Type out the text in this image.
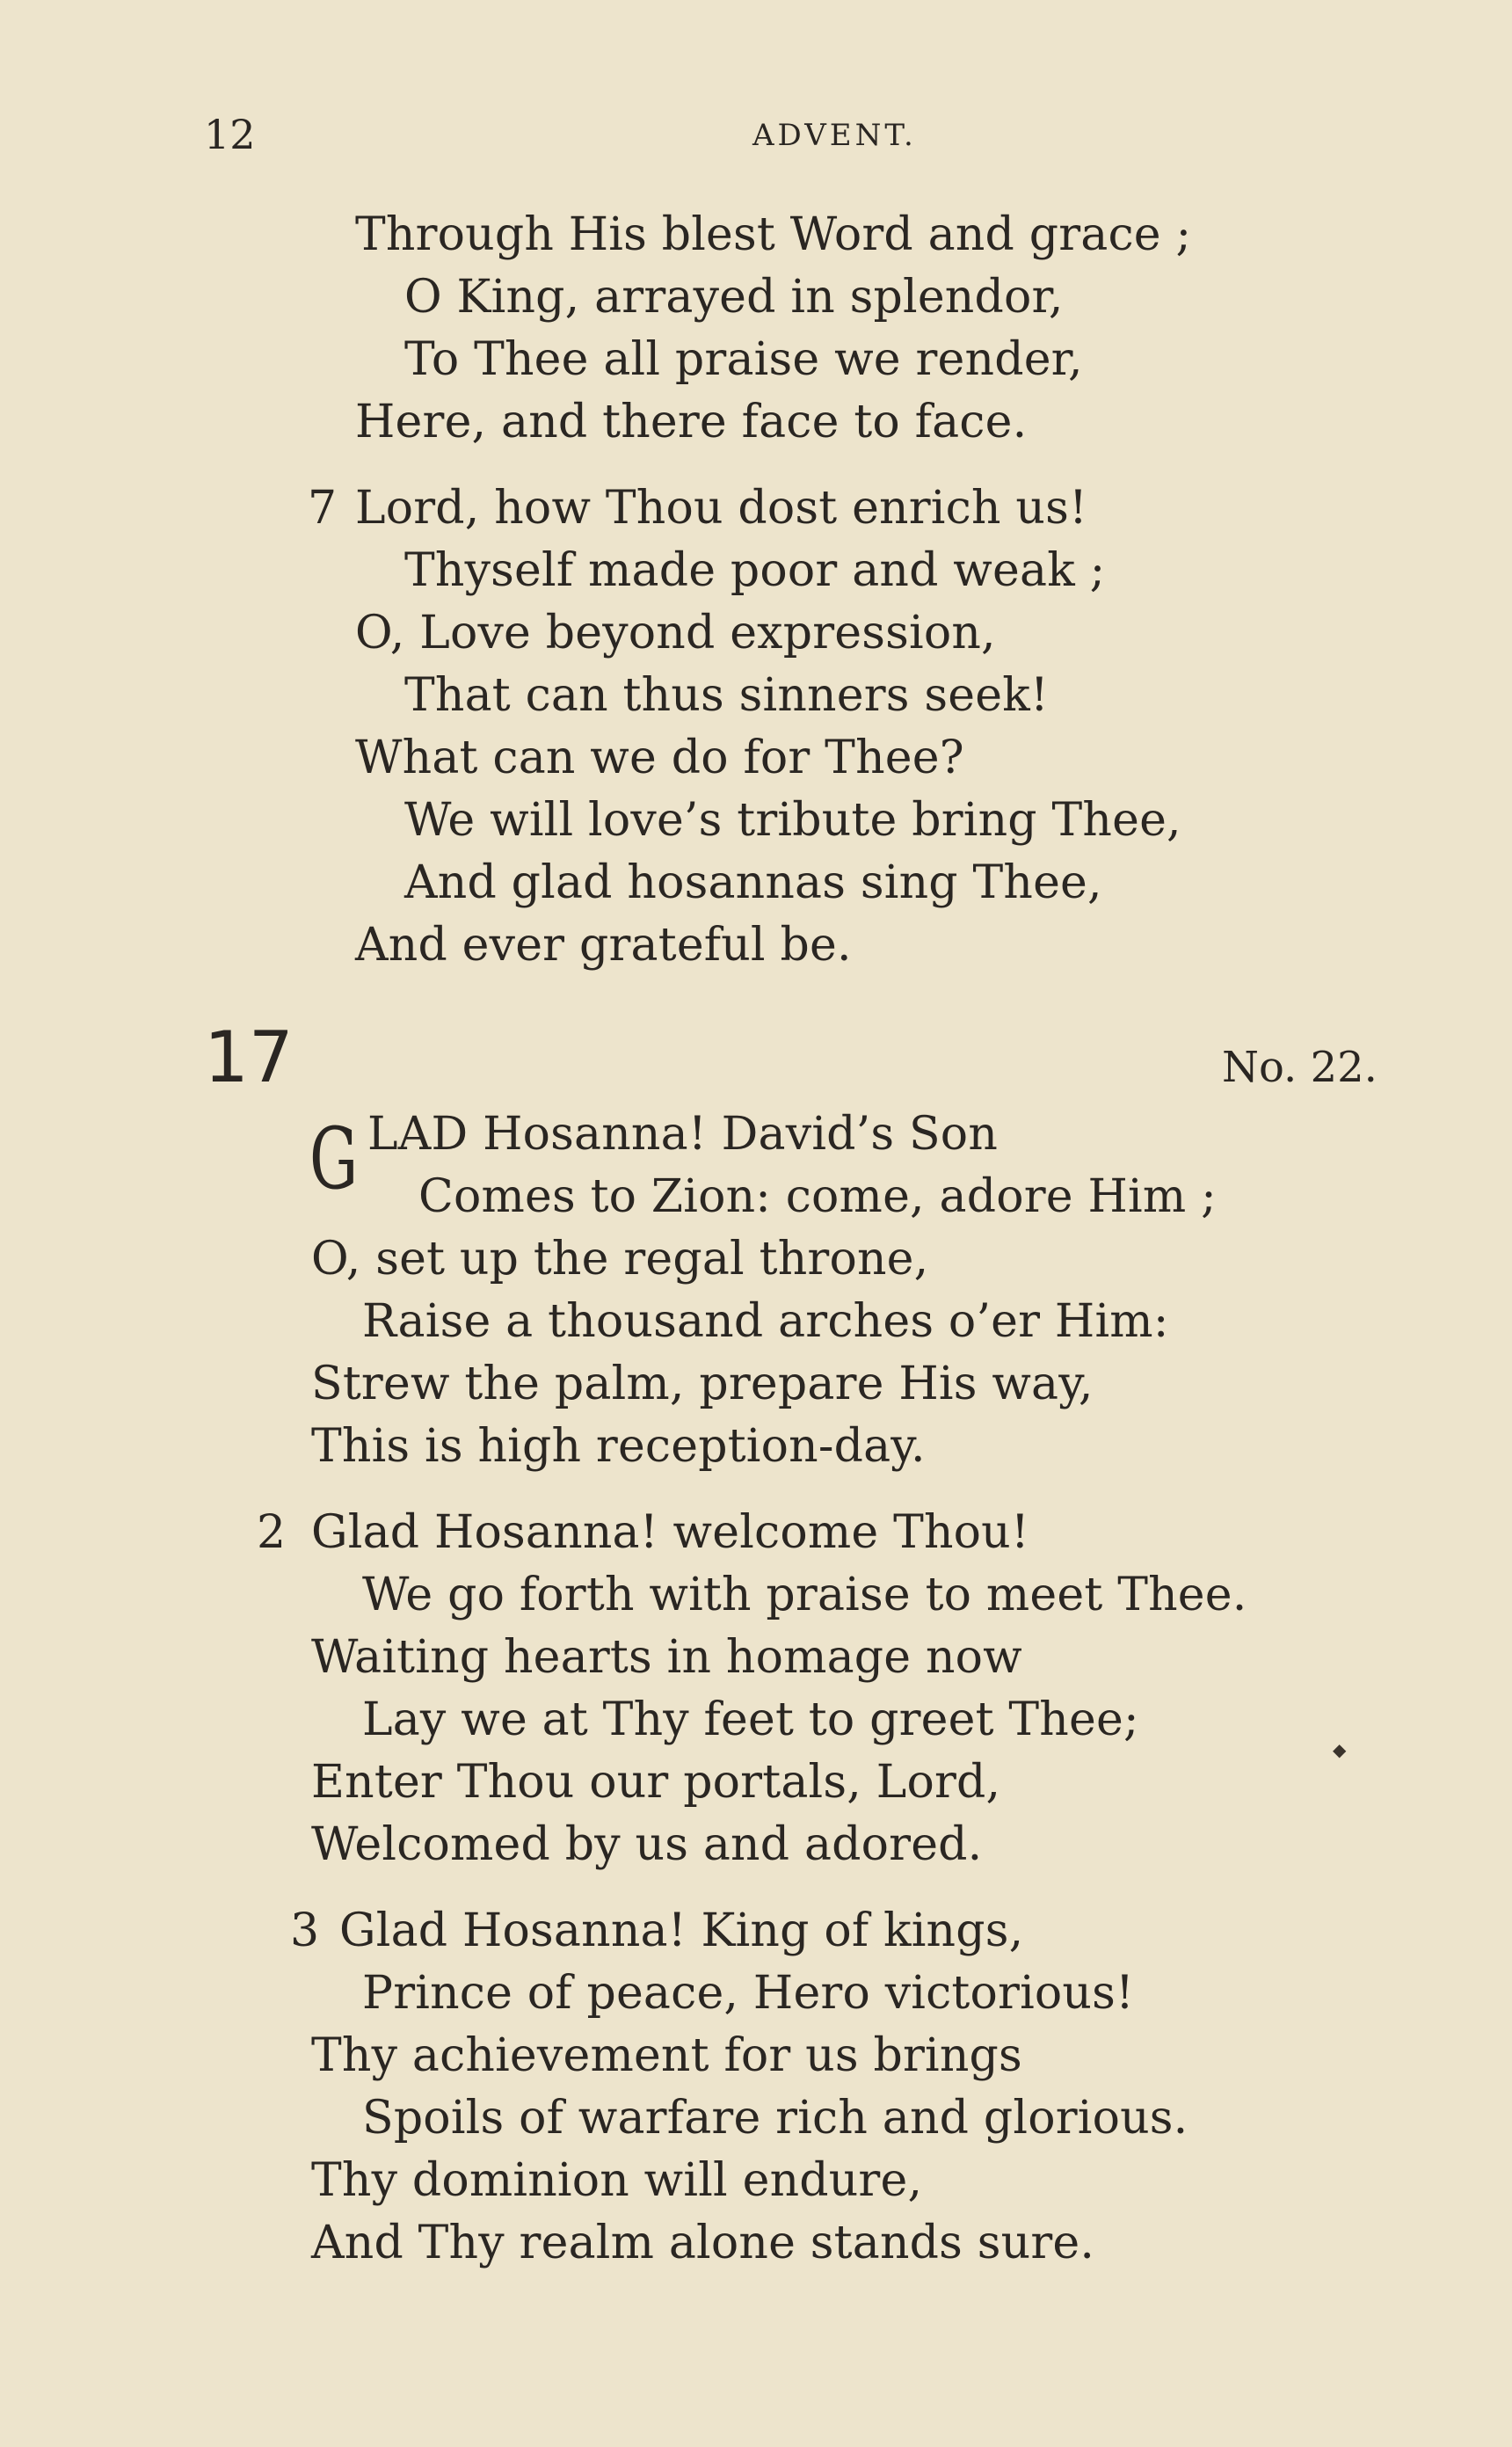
12	ADVENT.
Through His blest Word and grace ;
O King, arrayed in splendor,
To Thee all praise we render,
Here, and there face to face.
7 Lord, how Thou dost enrich us!
Thyself made poor and weak ;
O, Love beyond expression,
That can thus sinners seek!
What can we do for Thee?
We will love’s tribute bring Thee,
And glad hosannas sing Thee,
And ever grateful be.
17	No. 22.
G LAD Hosanna! David’s Son
Comes to Zion: come, adore Him ;
O, set up the regal throne,
Raise a thousand arches o’er Him:
Strew the palm, prepare His way,
This is high reception-day.
2 Glad Hosanna! welcome Thou!
We go forth with praise to meet Thee.
Waiting hearts in homage now
Lay we at Thy feet to greet Thee;
Enter Thou our portals, Lord,
Welcomed by us and adored.
◆
3 Glad Hosanna! King of kings,
Prince of peace, Hero victorious!
Thy achievement for us brings
Spoils of warfare rich and glorious.
Thy dominion will endure,
And Thy realm alone stands sure.
